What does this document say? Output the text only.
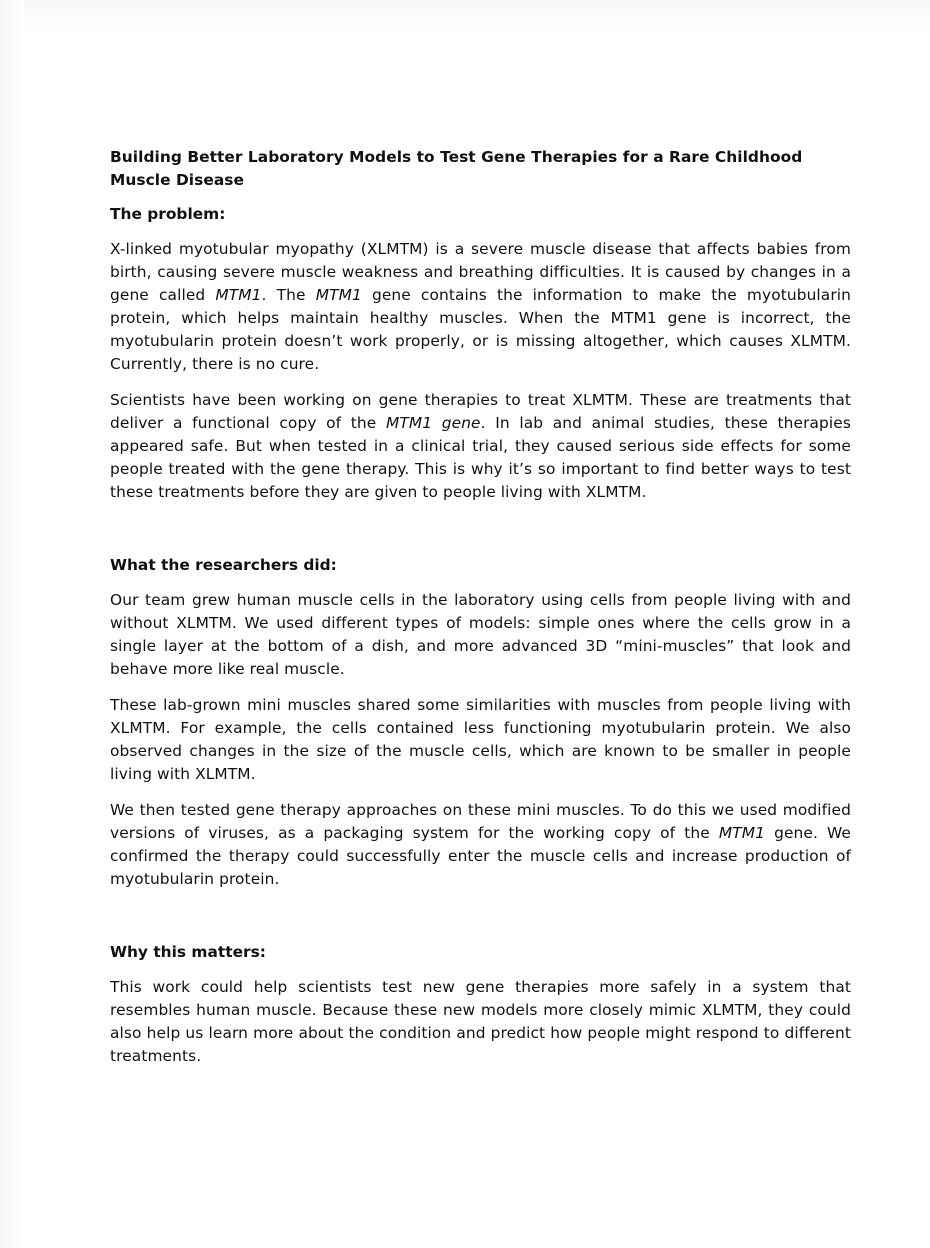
Building Better Laboratory Models to Test Gene Therapies for a Rare Childhood Muscle Disease
The problem:

X-linked myotubular myopathy (XLMTM) is a severe muscle disease that affects babies from birth, causing severe muscle weakness and breathing difficulties. It is caused by changes in a gene called MTM1. The MTM1 gene contains the information to make the myotubularin protein, which helps maintain healthy muscles. When the MTM1 gene is incorrect, the myotubularin protein doesn’t work properly, or is missing altogether, which causes XLMTM. Currently, there is no cure.

Scientists have been working on gene therapies to treat XLMTM. These are treatments that deliver a functional copy of the MTM1 gene. In lab and animal studies, these therapies appeared safe. But when tested in a clinical trial, they caused serious side effects for some people treated with the gene therapy. This is why it’s so important to find better ways to test these treatments before they are given to people living with XLMTM.

What the researchers did:

Our team grew human muscle cells in the laboratory using cells from people living with and without XLMTM. We used different types of models: simple ones where the cells grow in a single layer at the bottom of a dish, and more advanced 3D “mini-muscles” that look and behave more like real muscle.

These lab-grown mini muscles shared some similarities with muscles from people living with XLMTM. For example, the cells contained less functioning myotubularin protein. We also observed changes in the size of the muscle cells, which are known to be smaller in people living with XLMTM.

We then tested gene therapy approaches on these mini muscles. To do this we used modified versions of viruses, as a packaging system for the working copy of the MTM1 gene. We confirmed the therapy could successfully enter the muscle cells and increase production of myotubularin protein.

Why this matters:

This work could help scientists test new gene therapies more safely in a system that resembles human muscle. Because these new models more closely mimic XLMTM, they could also help us learn more about the condition and predict how people might respond to different treatments.
